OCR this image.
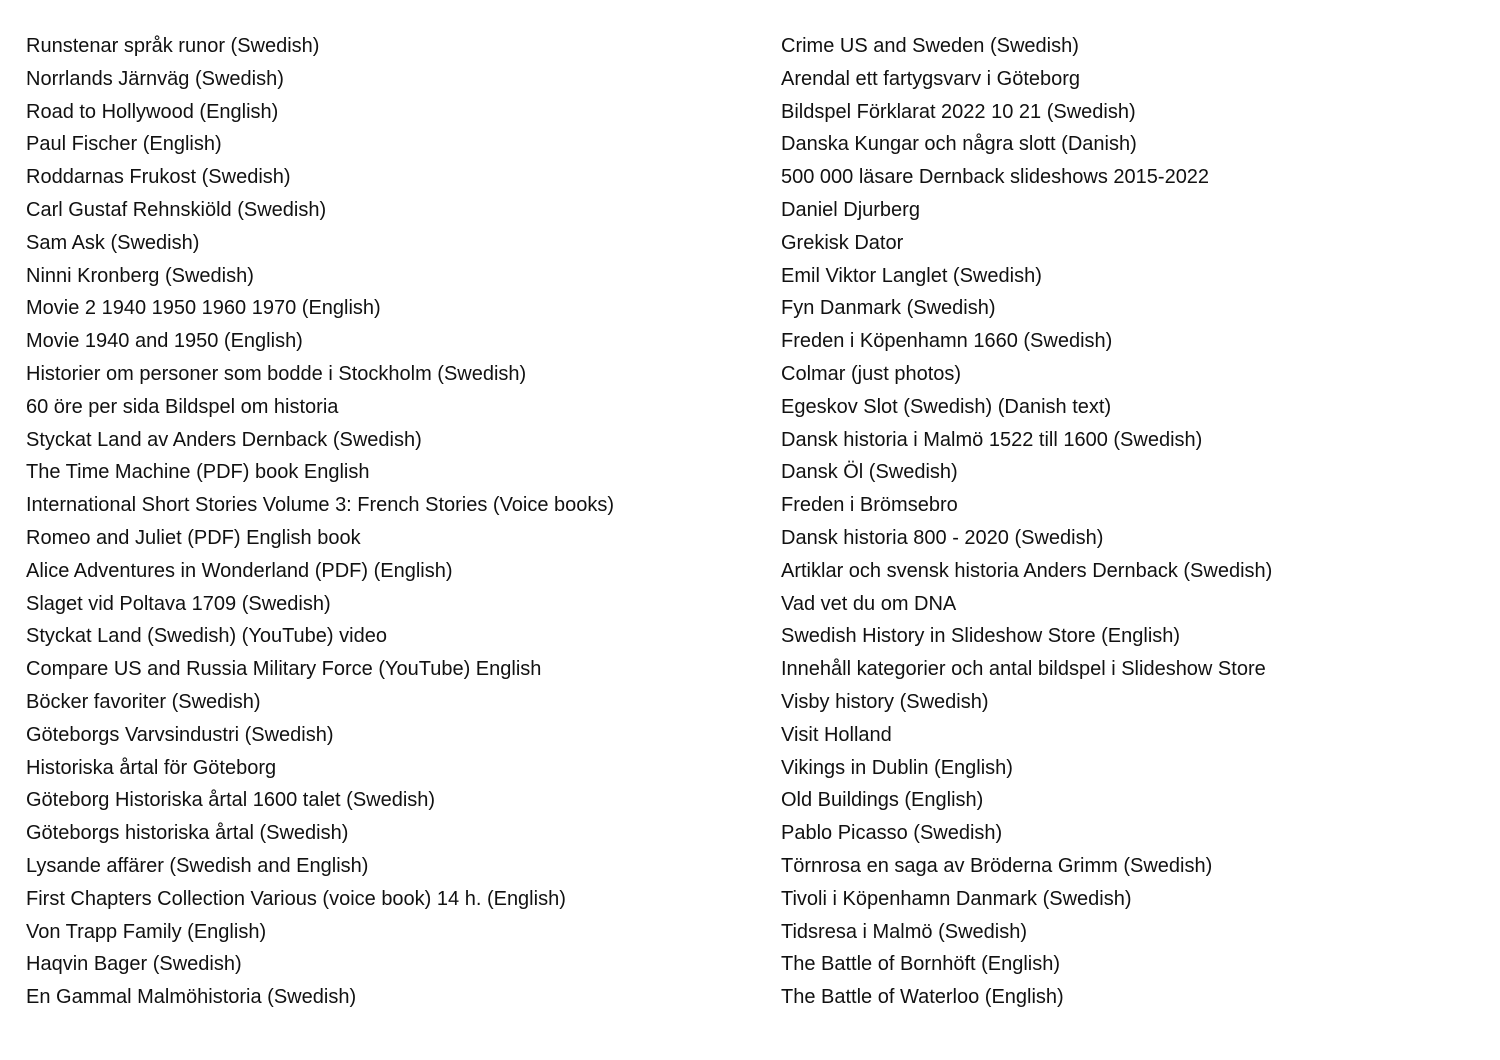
Runstenar språk runor (Swedish)
Norrlands Järnväg (Swedish)
Road to Hollywood (English)
Paul Fischer (English)
Roddarnas Frukost (Swedish)
Carl Gustaf Rehnskiöld (Swedish)
Sam Ask (Swedish)
Ninni Kronberg (Swedish)
Movie 2 1940 1950 1960 1970 (English)
Movie 1940 and 1950 (English)
Historier om personer som bodde i Stockholm (Swedish)
60 öre per sida Bildspel om historia
Styckat Land av Anders Dernback (Swedish)
The Time Machine (PDF) book English
International Short Stories Volume 3: French Stories (Voice books)
Romeo and Juliet (PDF) English book
Alice Adventures in Wonderland (PDF) (English)
Slaget vid Poltava 1709 (Swedish)
Styckat Land (Swedish) (YouTube) video
Compare US and Russia Military Force (YouTube) English
Böcker favoriter (Swedish)
Göteborgs Varvsindustri (Swedish)
Historiska årtal för Göteborg
Göteborg Historiska årtal 1600 talet (Swedish)
Göteborgs historiska årtal (Swedish)
Lysande affärer (Swedish and English)
First Chapters Collection Various (voice book) 14 h. (English)
Von Trapp Family (English)
Haqvin Bager (Swedish)
En Gammal Malmöhistoria (Swedish)
Crime US and Sweden (Swedish)
Arendal ett fartygsvarv i Göteborg
Bildspel Förklarat 2022 10 21 (Swedish)
Danska Kungar och några slott (Danish)
500 000 läsare Dernback slideshows 2015-2022
Daniel Djurberg
Grekisk Dator
Emil Viktor Langlet (Swedish)
Fyn Danmark (Swedish)
Freden i Köpenhamn 1660 (Swedish)
Colmar (just photos)
Egeskov Slot (Swedish) (Danish text)
Dansk historia i Malmö 1522 till 1600 (Swedish)
Dansk Öl (Swedish)
Freden i Brömsebro
Dansk historia 800 - 2020 (Swedish)
Artiklar och svensk historia Anders Dernback (Swedish)
Vad vet du om DNA
Swedish History in Slideshow Store (English)
Innehåll kategorier och antal bildspel i Slideshow Store
Visby history (Swedish)
Visit Holland
Vikings in Dublin (English)
Old Buildings (English)
Pablo Picasso (Swedish)
Törnrosa en saga av Bröderna Grimm (Swedish)
Tivoli i Köpenhamn Danmark (Swedish)
Tidsresa i Malmö (Swedish)
The Battle of Bornhöft (English)
The Battle of Waterloo (English)
